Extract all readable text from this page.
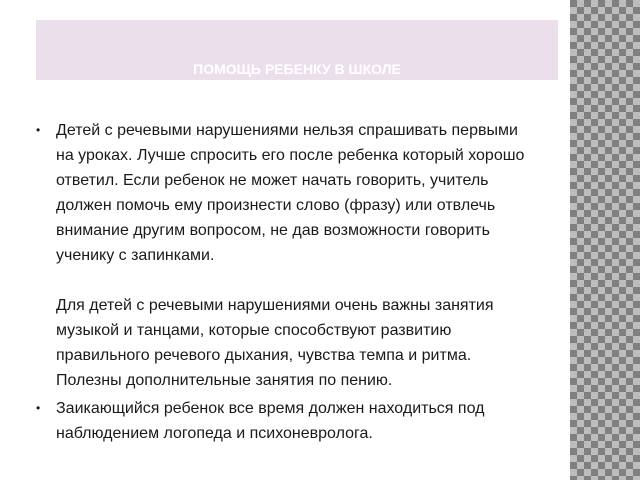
ПОМОЩЬ РЕБЕНКУ В ШКОЛЕ
• Детей с речевыми нарушениями нельзя спрашивать первыми на уроках. Лучше спросить его после ребенка который хорошо ответил. Если ребенок не может начать говорить, учитель должен помочь ему произнести слово (фразу) или отвлечь внимание другим вопросом, не дав возможности говорить ученику с запинками.
Для детей с речевыми нарушениями очень важны занятия музыкой и танцами, которые способствуют развитию правильного речевого дыхания, чувства темпа и ритма. Полезны дополнительные занятия по пению.
• Заикающийся ребенок все время должен находиться под наблюдением логопеда и психоневролога.
